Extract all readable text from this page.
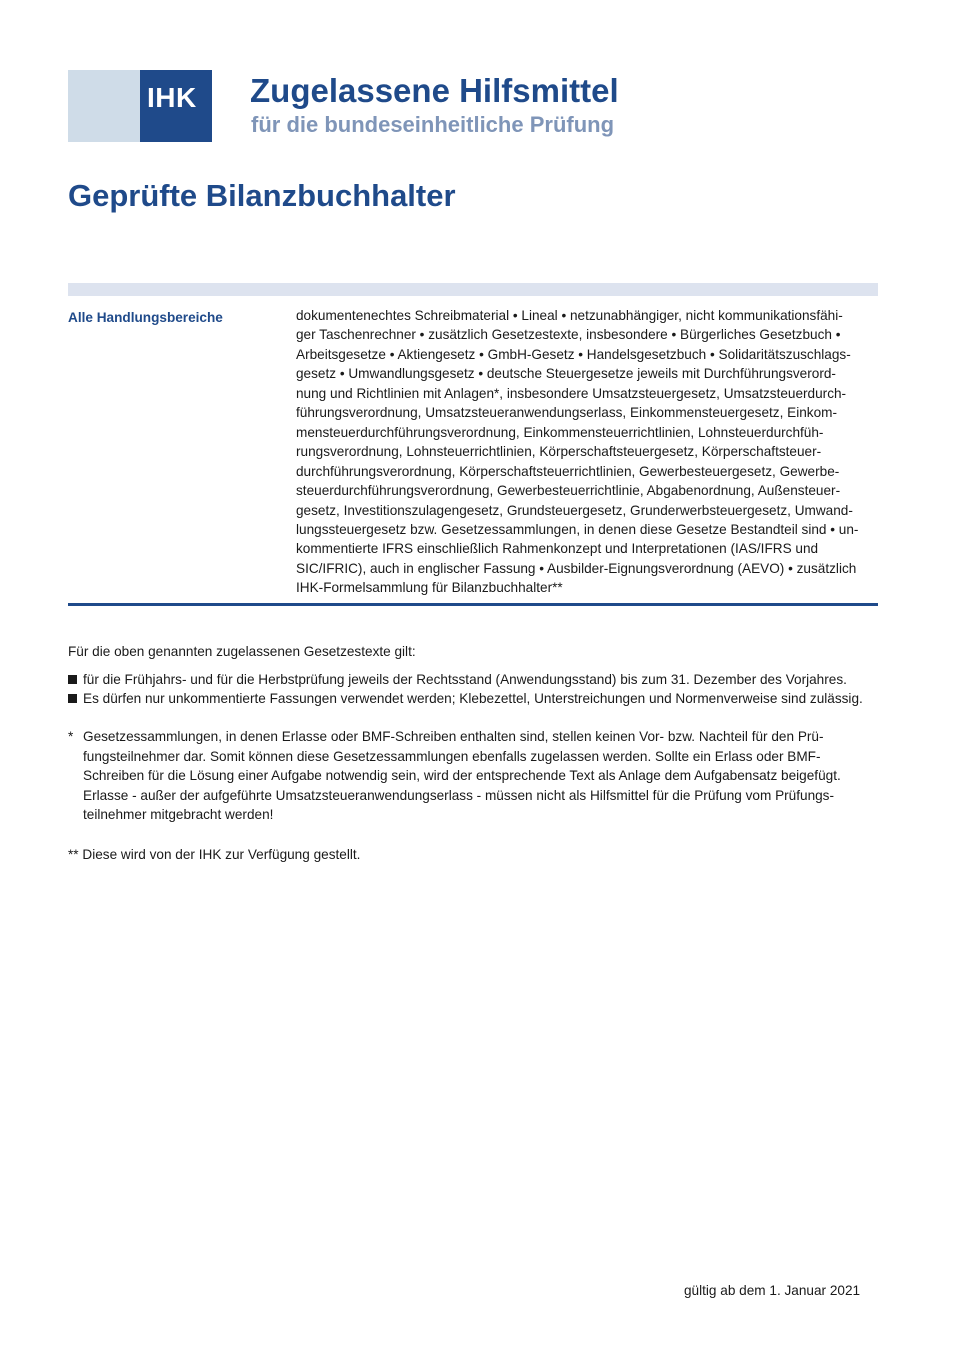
IHK Zugelassene Hilfsmittel
für die bundeseinheitliche Prüfung
Geprüfte Bilanzbuchhalter
Alle Handlungsbereiche	dokumentenechtes Schreibmaterial • Lineal • netzunabhängiger, nicht kommunikationsfähi-
ger Taschenrechner • zusätzlich Gesetzestexte, insbesondere • Bürgerliches Gesetzbuch •
Arbeitsgesetze • Aktiengesetz • GmbH-Gesetz • Handelsgesetzbuch • Solidaritätszuschlags-
gesetz • Umwandlungsgesetz • deutsche Steuergesetze jeweils mit Durchführungsverord-
nung und Richtlinien mit Anlagen*, insbesondere Umsatzsteuergesetz, Umsatzsteuerdurch-
führungsverordnung, Umsatzsteueranwendungserlass, Einkommensteuergesetz, Einkom-
mensteuerdurchführungsverordnung, Einkommensteuerrichtlinien, Lohnsteuerdurchfüh-
rungsverordnung, Lohnsteuerrichtlinien, Körperschaftsteuergesetz, Körperschaftsteuer-
durchführungsverordnung, Körperschaftsteuerrichtlinien, Gewerbesteuergesetz, Gewerbe-
steuerdurchführungsverordnung, Gewerbesteuerrichtlinie, Abgabenordnung, Außensteuer-
gesetz, Investitionszulagengesetz, Grundsteuergesetz, Grunderwerbsteuergesetz, Umwand-
lungssteuergesetz bzw. Gesetzessammlungen, in denen diese Gesetze Bestandteil sind • un-
kommentierte IFRS einschließlich Rahmenkonzept und Interpretationen (IAS/IFRS und
SIC/IFRIC), auch in englischer Fassung • Ausbilder-Eignungsverordnung (AEVO) • zusätzlich
IHK-Formelsammlung für Bilanzbuchhalter**
Für die oben genannten zugelassenen Gesetzestexte gilt:
für die Frühjahrs- und für die Herbstprüfung jeweils der Rechtsstand (Anwendungsstand) bis zum 31. Dezember des Vorjahres.
Es dürfen nur unkommentierte Fassungen verwendet werden; Klebezettel, Unterstreichungen und Normenverweise sind zulässig.
* Gesetzessammlungen, in denen Erlasse oder BMF-Schreiben enthalten sind, stellen keinen Vor- bzw. Nachteil für den Prü-
fungsteilnehmer dar. Somit können diese Gesetzessammlungen ebenfalls zugelassen werden. Sollte ein Erlass oder BMF-
Schreiben für die Lösung einer Aufgabe notwendig sein, wird der entsprechende Text als Anlage dem Aufgabensatz beigefügt.
Erlasse - außer der aufgeführte Umsatzsteueranwendungserlass - müssen nicht als Hilfsmittel für die Prüfung vom Prüfungs-
teilnehmer mitgebracht werden!
** Diese wird von der IHK zur Verfügung gestellt.
gültig ab dem 1. Januar 2021
